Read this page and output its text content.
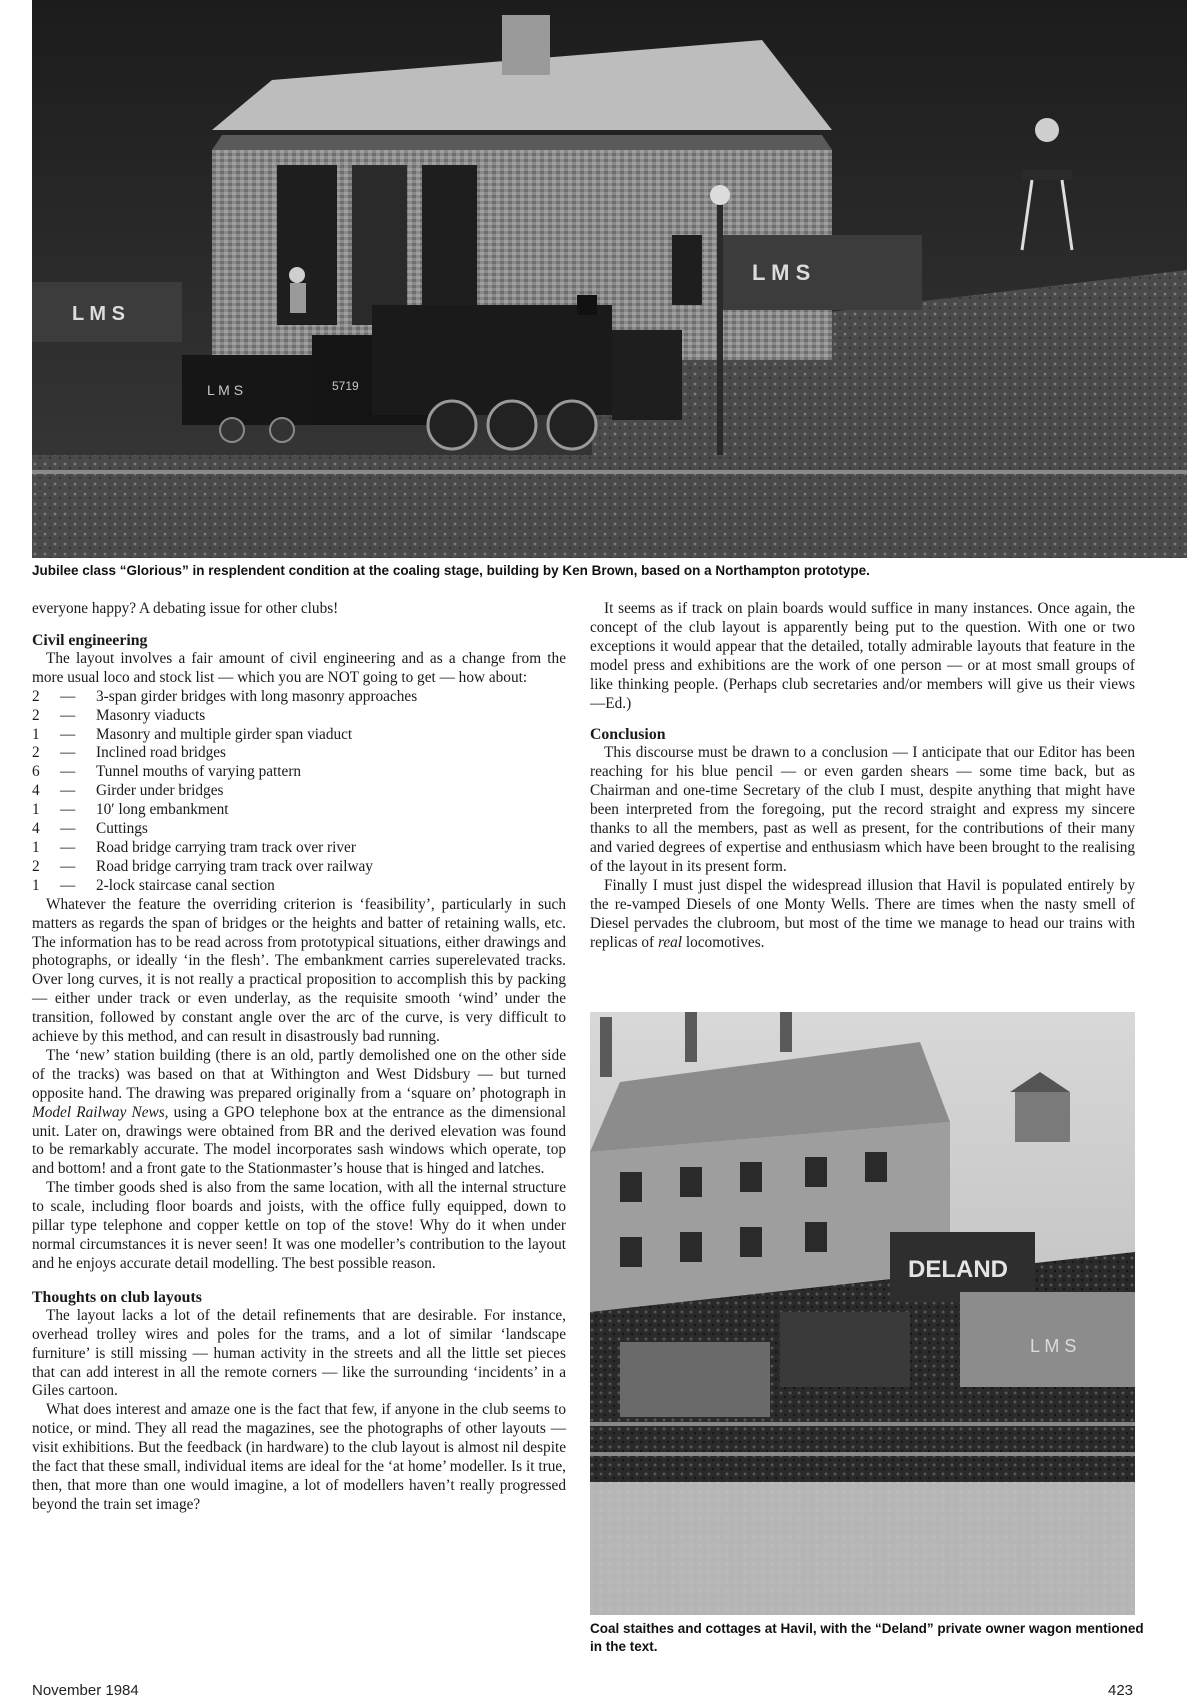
L M S
L M S
L M S	5719
Jubilee class “Glorious” in resplendent condition at the coaling stage, building by Ken Brown, based on a Northampton prototype.

everyone happy? A debating issue for other clubs!

Civil engineering

The layout involves a fair amount of civil engineering and as a change from the more usual loco and stock list — which you are NOT going to get — how about:

2	—	3-span girder bridges with long masonry approaches
2	—	Masonry viaducts
1	—	Masonry and multiple girder span viaduct
2	—	Inclined road bridges
6	—	Tunnel mouths of varying pattern
4	—	Girder under bridges
1	—	10′ long embankment
4	—	Cuttings
1	—	Road bridge carrying tram track over river
2	—	Road bridge carrying tram track over railway
1	—	2-lock staircase canal section

Whatever the feature the overriding criterion is ‘feasibility’, particularly in such matters as regards the span of bridges or the heights and batter of retaining walls, etc. The information has to be read across from prototypical situations, either drawings and photographs, or ideally ‘in the flesh’. The embankment carries superelevated tracks. Over long curves, it is not really a practical proposition to accomplish this by packing — either under track or even underlay, as the requisite smooth ‘wind’ under the transition, followed by constant angle over the arc of the curve, is very difficult to achieve by this method, and can result in disastrously bad running.

The ‘new’ station building (there is an old, partly demolished one on the other side of the tracks) was based on that at Withington and West Didsbury — but turned opposite hand. The drawing was prepared originally from a ‘square on’ photograph in Model Railway News, using a GPO telephone box at the entrance as the dimensional unit. Later on, drawings were obtained from BR and the derived elevation was found to be remarkably accurate. The model incorporates sash windows which operate, top and bottom! and a front gate to the Stationmaster’s house that is hinged and latches.

The timber goods shed is also from the same location, with all the internal structure to scale, including floor boards and joists, with the office fully equipped, down to pillar type telephone and copper kettle on top of the stove! Why do it when under normal circumstances it is never seen! It was one modeller’s contribution to the layout and he enjoys accurate detail modelling. The best possible reason.

Thoughts on club layouts

The layout lacks a lot of the detail refinements that are desirable. For instance, overhead trolley wires and poles for the trams, and a lot of similar ‘landscape furniture’ is still missing — human activity in the streets and all the little set pieces that can add interest in all the remote corners — like the surrounding ‘incidents’ in a Giles cartoon.

What does interest and amaze one is the fact that few, if anyone in the club seems to notice, or mind. They all read the magazines, see the photographs of other layouts — visit exhibitions. But the feedback (in hardware) to the club layout is almost nil despite the fact that these small, individual items are ideal for the ‘at home’ modeller. Is it true, then, that more than one would imagine, a lot of modellers haven’t really progressed beyond the train set image?

It seems as if track on plain boards would suffice in many instances. Once again, the concept of the club layout is apparently being put to the question. With one or two exceptions it would appear that the detailed, totally admirable layouts that feature in the model press and exhibitions are the work of one person — or at most small groups of like thinking people. (Perhaps club secretaries and/or members will give us their views—Ed.)

Conclusion

This discourse must be drawn to a conclusion — I anticipate that our Editor has been reaching for his blue pencil — or even garden shears — some time back, but as Chairman and one-time Secretary of the club I must, despite anything that might have been interpreted from the foregoing, put the record straight and express my sincere thanks to all the members, past as well as present, for the contributions of their many and varied degrees of expertise and enthusiasm which have been brought to the realising of the layout in its present form.

Finally I must just dispel the widespread illusion that Havil is populated entirely by the re-vamped Diesels of one Monty Wells. There are times when the nasty smell of Diesel pervades the clubroom, but most of the time we manage to head our trains with replicas of real locomotives.

DELAND
L M S
Coal staithes and cottages at Havil, with the “Deland” private owner wagon mentioned in the text.
November 1984	423
